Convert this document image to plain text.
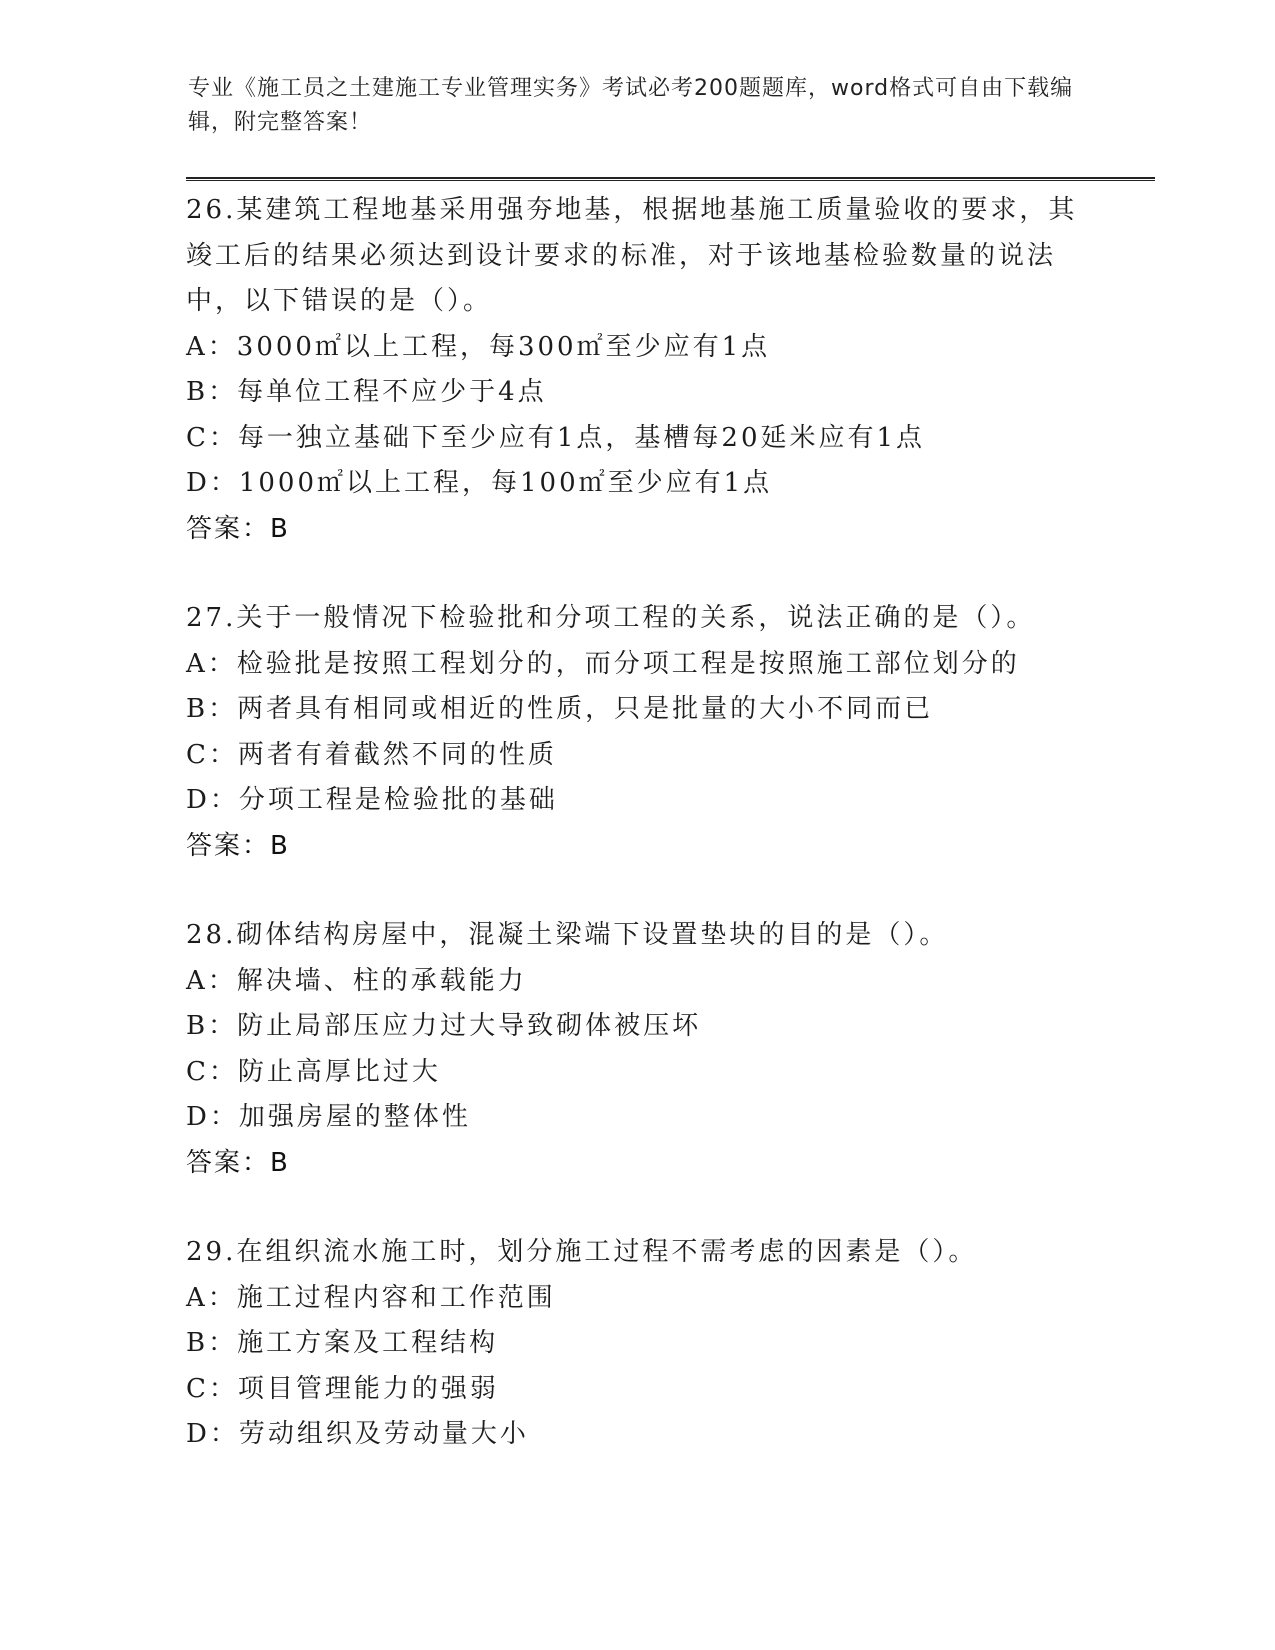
专业《施工员之土建施工专业管理实务》考试必考200题题库，word格式可自由下载编辑，附完整答案！
26.某建筑工程地基采用强夯地基，根据地基施工质量验收的要求，其竣工后的结果必须达到设计要求的标准，对于该地基检验数量的说法中，以下错误的是（）。
A：3000㎡以上工程，每300㎡至少应有1点
B：每单位工程不应少于4点
C：每一独立基础下至少应有1点，基槽每20延米应有1点
D：1000㎡以上工程，每100㎡至少应有1点
答案：B
27.关于一般情况下检验批和分项工程的关系，说法正确的是（）。
A：检验批是按照工程划分的，而分项工程是按照施工部位划分的
B：两者具有相同或相近的性质，只是批量的大小不同而已
C：两者有着截然不同的性质
D：分项工程是检验批的基础
答案：B
28.砌体结构房屋中，混凝土梁端下设置垫块的目的是（）。
A：解决墙、柱的承载能力
B：防止局部压应力过大导致砌体被压坏
C：防止高厚比过大
D：加强房屋的整体性
答案：B
29.在组织流水施工时，划分施工过程不需考虑的因素是（）。
A：施工过程内容和工作范围
B：施工方案及工程结构
C：项目管理能力的强弱
D：劳动组织及劳动量大小
